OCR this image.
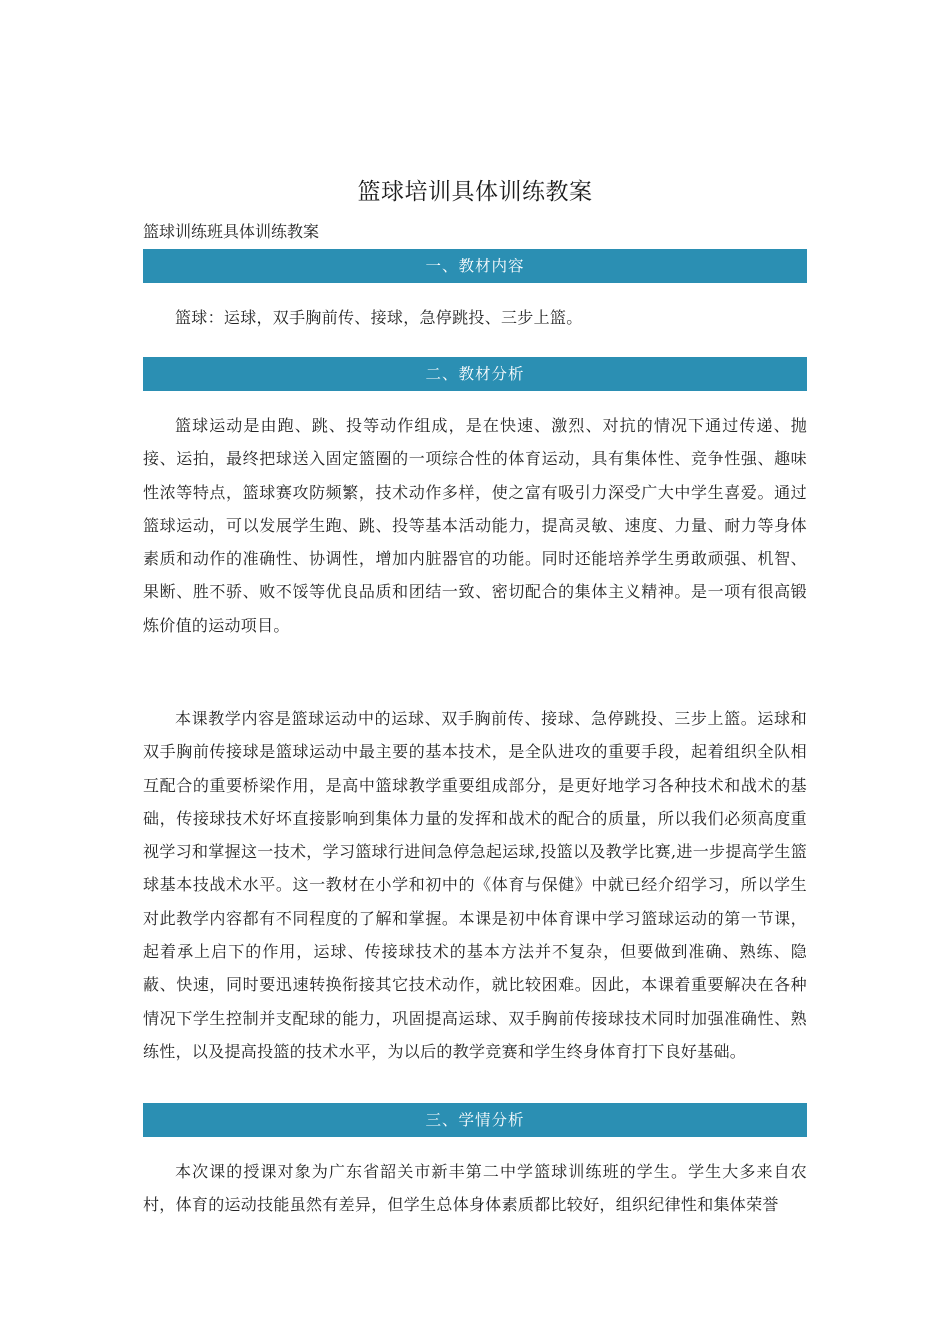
篮球培训具体训练教案
篮球训练班具体训练教案
一、教材内容

篮球：运球，双手胸前传、接球，急停跳投、三步上篮。

二、教材分析

篮球运动是由跑、跳、投等动作组成，是在快速、激烈、对抗的情况下通过传递、抛接、运拍，最终把球送入固定篮圈的一项综合性的体育运动，具有集体性、竞争性强、趣味性浓等特点，篮球赛攻防频繁，技术动作多样，使之富有吸引力深受广大中学生喜爱。通过篮球运动，可以发展学生跑、跳、投等基本活动能力，提高灵敏、速度、力量、耐力等身体素质和动作的准确性、协调性，增加内脏器官的功能。同时还能培养学生勇敢顽强、机智、果断、胜不骄、败不馁等优良品质和团结一致、密切配合的集体主义精神。是一项有很高锻炼价值的运动项目。

本课教学内容是篮球运动中的运球、双手胸前传、接球、急停跳投、三步上篮。运球和双手胸前传接球是篮球运动中最主要的基本技术，是全队进攻的重要手段，起着组织全队相互配合的重要桥梁作用，是高中篮球教学重要组成部分，是更好地学习各种技术和战术的基础，传接球技术好坏直接影响到集体力量的发挥和战术的配合的质量，所以我们必须高度重视学习和掌握这一技术，学习篮球行进间急停急起运球,投篮以及教学比赛,进一步提高学生篮球基本技战术水平。这一教材在小学和初中的《体育与保健》中就已经介绍学习，所以学生对此教学内容都有不同程度的了解和掌握。本课是初中体育课中学习篮球运动的第一节课，起着承上启下的作用，运球、传接球技术的基本方法并不复杂，但要做到准确、熟练、隐蔽、快速，同时要迅速转换衔接其它技术动作，就比较困难。因此，本课着重要解决在各种情况下学生控制并支配球的能力，巩固提高运球、双手胸前传接球技术同时加强准确性、熟练性，以及提高投篮的技术水平，为以后的教学竞赛和学生终身体育打下良好基础。

三、学情分析

本次课的授课对象为广东省韶关市新丰第二中学篮球训练班的学生。学生大多来自农村，体育的运动技能虽然有差异，但学生总体身体素质都比较好，组织纪律性和集体荣誉
